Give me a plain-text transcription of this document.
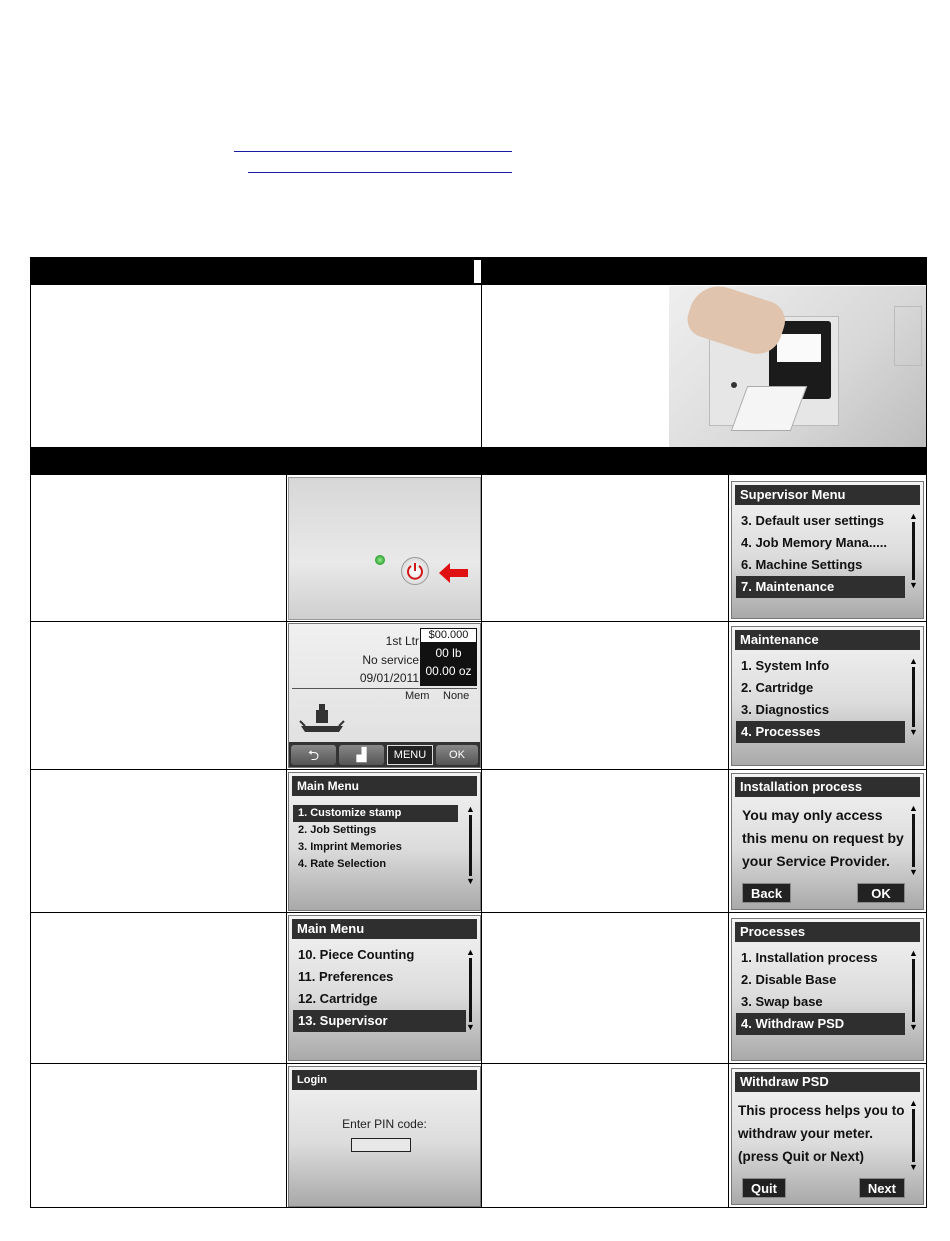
1st Ltr
No service
09/01/2011
$00.000
00 lb
00.00 oz
Mem None
⮌	▟	MENU	OK
Main Menu
1. Customize stamp
2. Job Settings
3. Imprint Memories
4. Rate Selection
▲
▼
Main Menu
10. Piece Counting
11. Preferences
12. Cartridge
13. Supervisor
▲
▼
Login
Enter PIN code:
Supervisor Menu
3. Default user settings
4. Job Memory Mana.....
6. Machine Settings
7. Maintenance
▲
▼
Maintenance
1. System Info
2. Cartridge
3. Diagnostics
4. Processes
▲
▼
Installation process
You may only access this menu on request by your Service Provider.
▲
▼
Back	OK
Processes
1. Installation process
2. Disable Base
3. Swap base
4. Withdraw PSD
▲
▼
Withdraw PSD
This process helps you to withdraw your meter. (press Quit or Next)
▲
▼
Quit	Next
